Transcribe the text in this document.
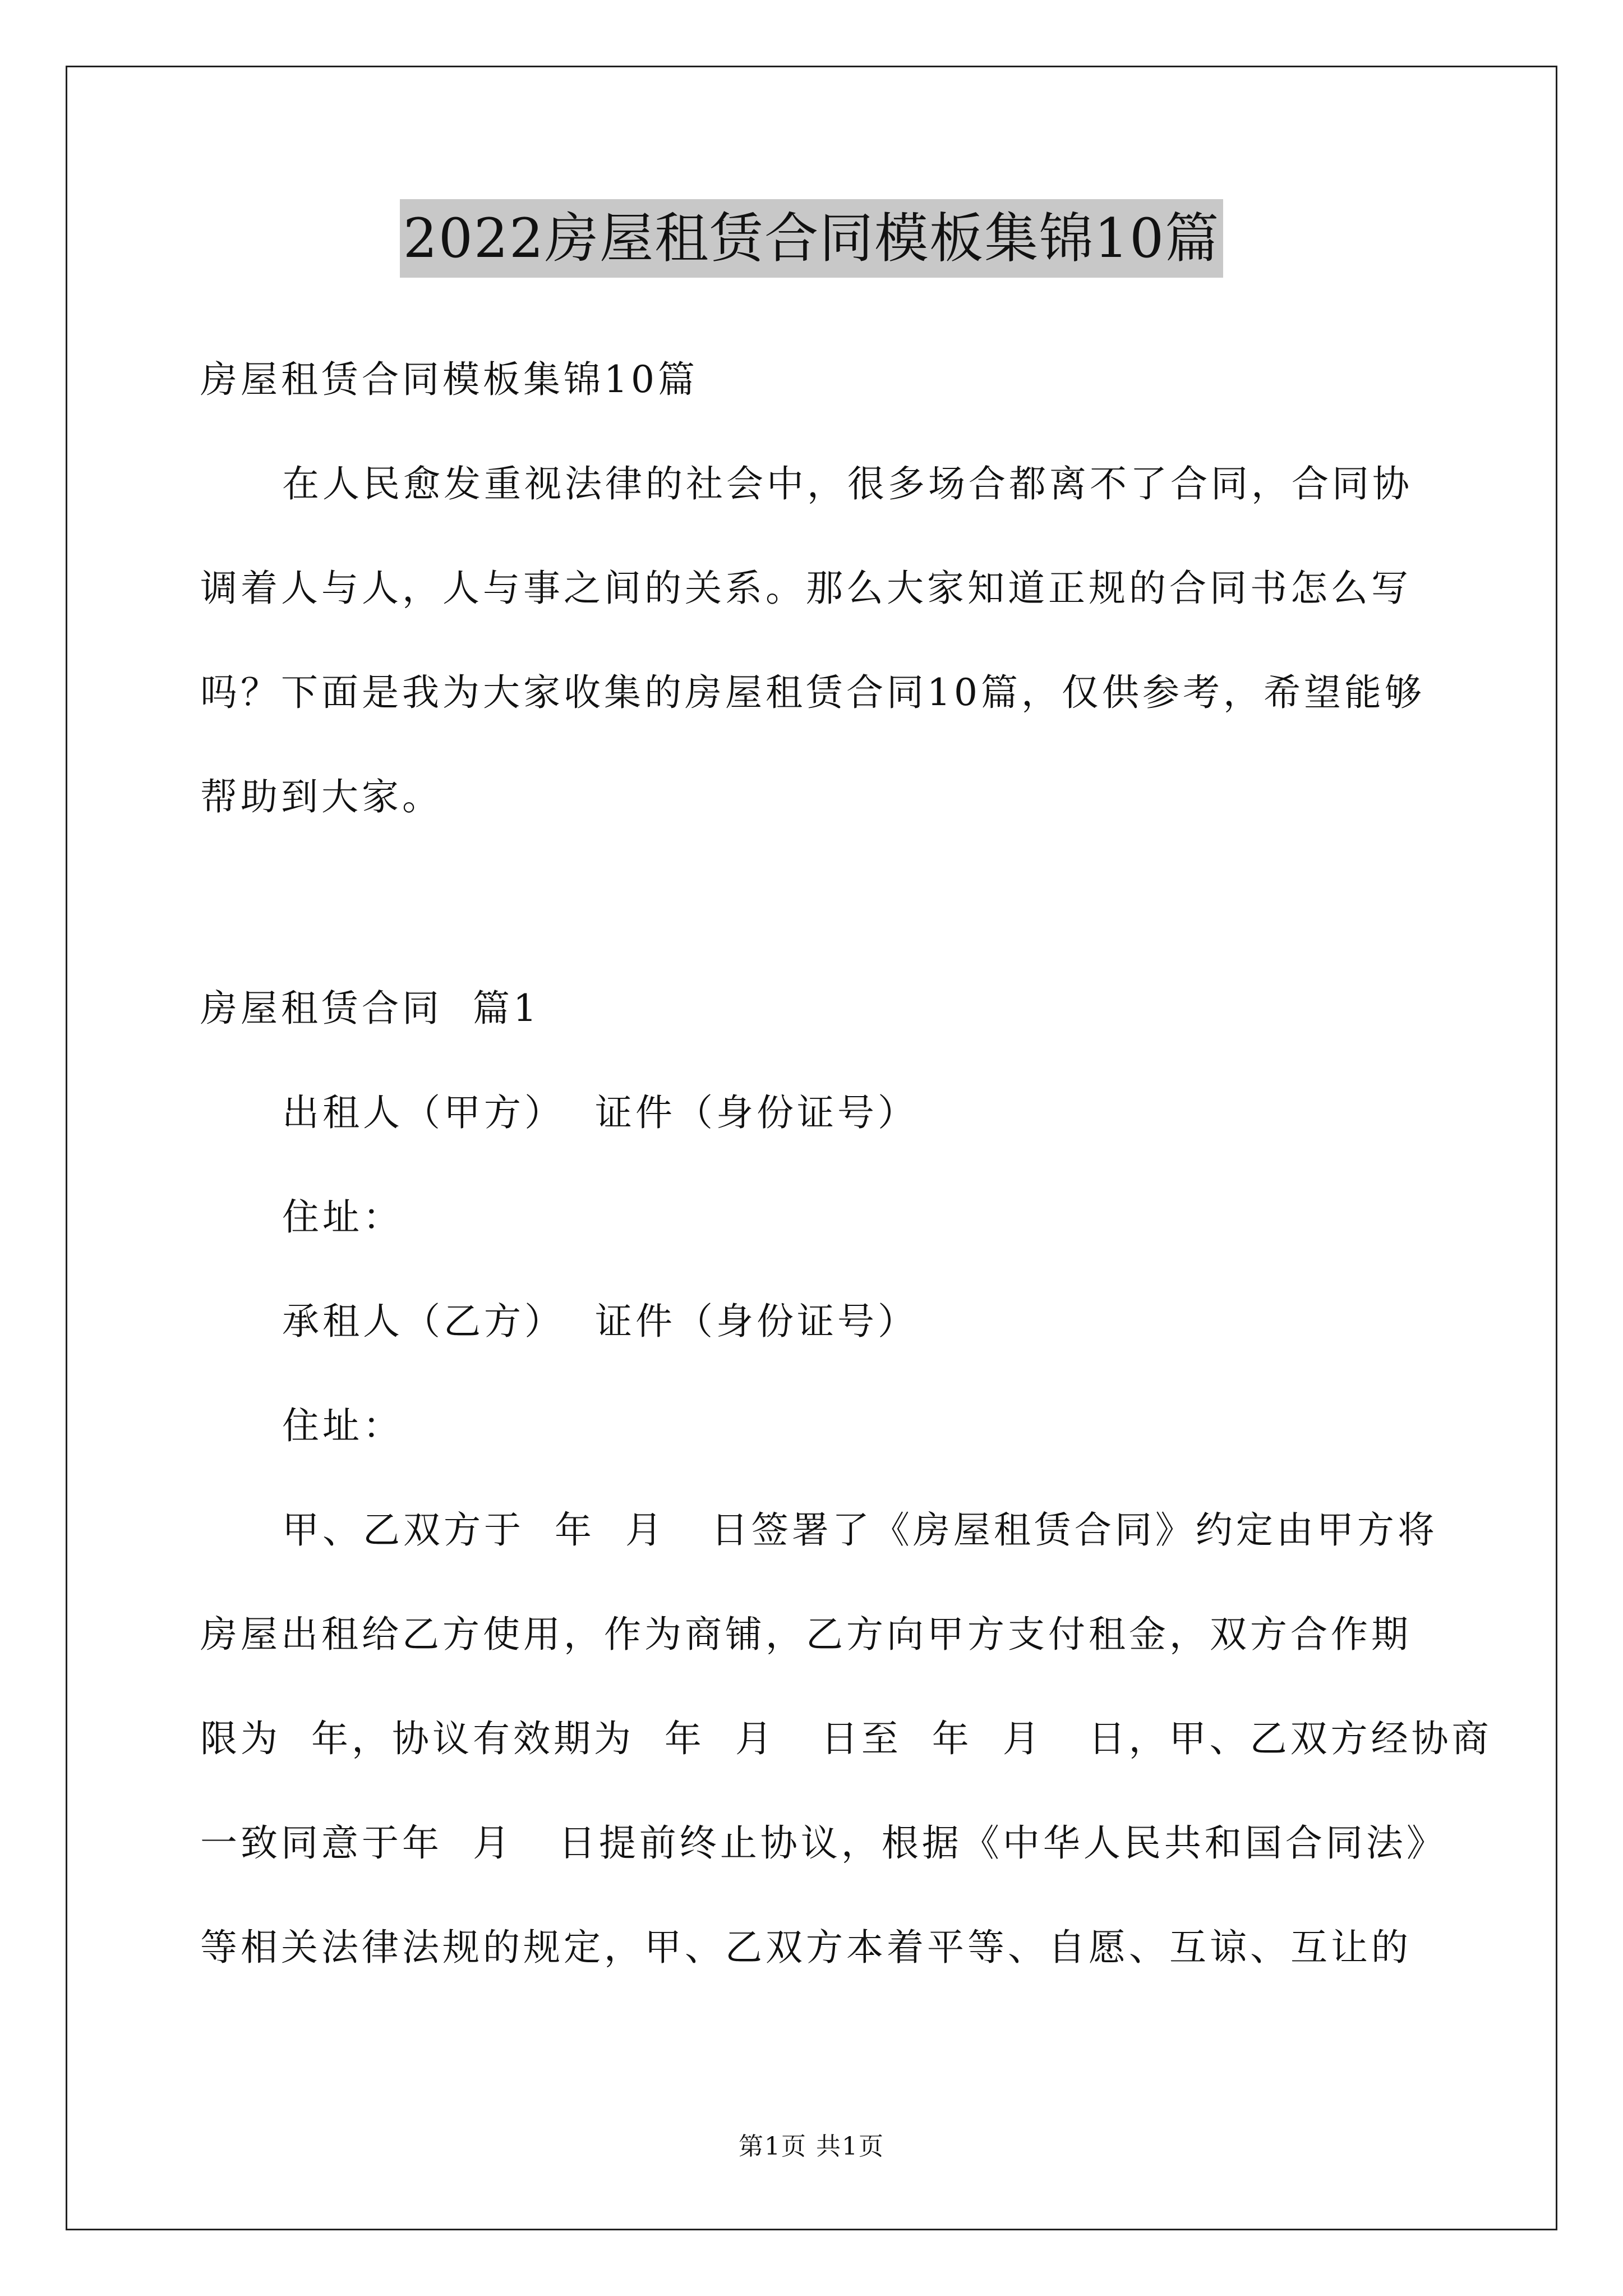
2022房屋租赁合同模板集锦10篇
房屋租赁合同模板集锦10篇
在人民愈发重视法律的社会中，很多场合都离不了合同，合同协
调着人与人，人与事之间的关系。那么大家知道正规的合同书怎么写
吗？下面是我为大家收集的房屋租赁合同10篇，仅供参考，希望能够
帮助到大家。
房屋租赁合同  篇1
出租人（甲方）  证件（身份证号）
住址：
承租人（乙方）  证件（身份证号）
住址：
甲、乙双方于  年  月   日签署了《房屋租赁合同》约定由甲方将
房屋出租给乙方使用，作为商铺，乙方向甲方支付租金，双方合作期
限为  年，协议有效期为  年  月   日至  年  月   日，甲、乙双方经协商
一致同意于年  月   日提前终止协议，根据《中华人民共和国合同法》
等相关法律法规的规定，甲、乙双方本着平等、自愿、互谅、互让的
第1页 共1页
